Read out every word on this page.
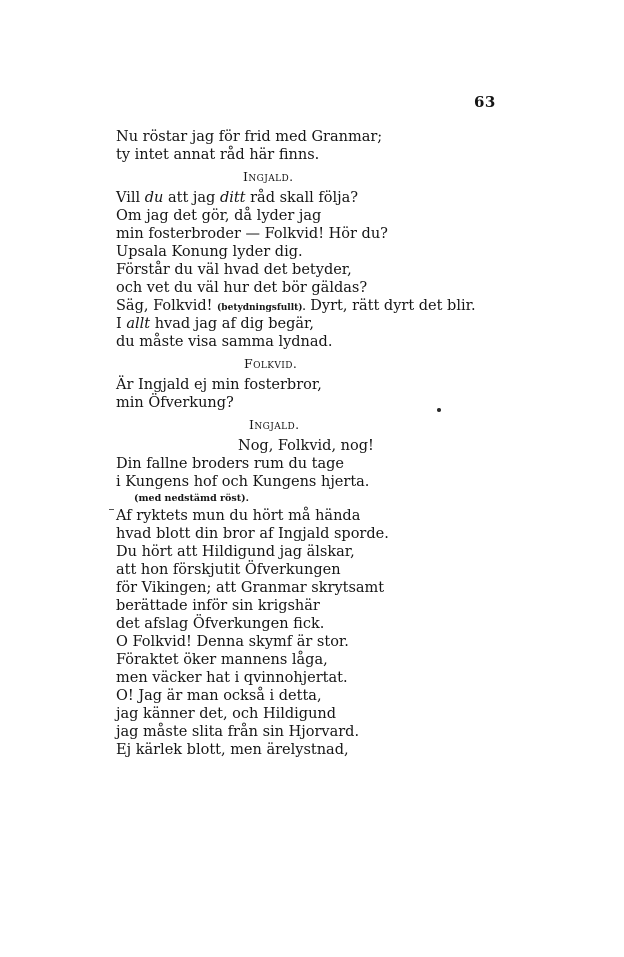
63
Nu röstar jag för frid med Granmar;
ty intet annat råd här finns.
Ingjald.
Vill du att jag ditt råd skall följa?
Om jag det gör, då lyder jag
min fosterbroder — Folkvid! Hör du?
Upsala Konung lyder dig.
Förstår du väl hvad det betyder,
och vet du väl hur det bör gäldas?
Säg, Folkvid! (betydningsfullt). Dyrt, rätt dyrt det blir.
I allt hvad jag af dig begär,
du måste visa samma lydnad.
Folkvid.
Är Ingjald ej min fosterbror,
min Öfverkung?
Ingjald.
Nog, Folkvid, nog!
Din fallne broders rum du tage
i Kungens hof och Kungens hjerta.
(med nedstämd röst).
Af ryktets mun du hört må hända
hvad blott din bror af Ingjald sporde.
Du hört att Hildigund jag älskar,
att hon förskjutit Öfverkungen
för Vikingen; att Granmar skrytsamt
berättade inför sin krigshär
det afslag Öfverkungen fick.
O Folkvid! Denna skymf är stor.
Föraktet öker mannens låga,
men väcker hat i qvinnohjertat.
O! Jag är man också i detta,
jag känner det, och Hildigund
jag måste slita från sin Hjorvard.
Ej kärlek blott, men ärelystnad,
